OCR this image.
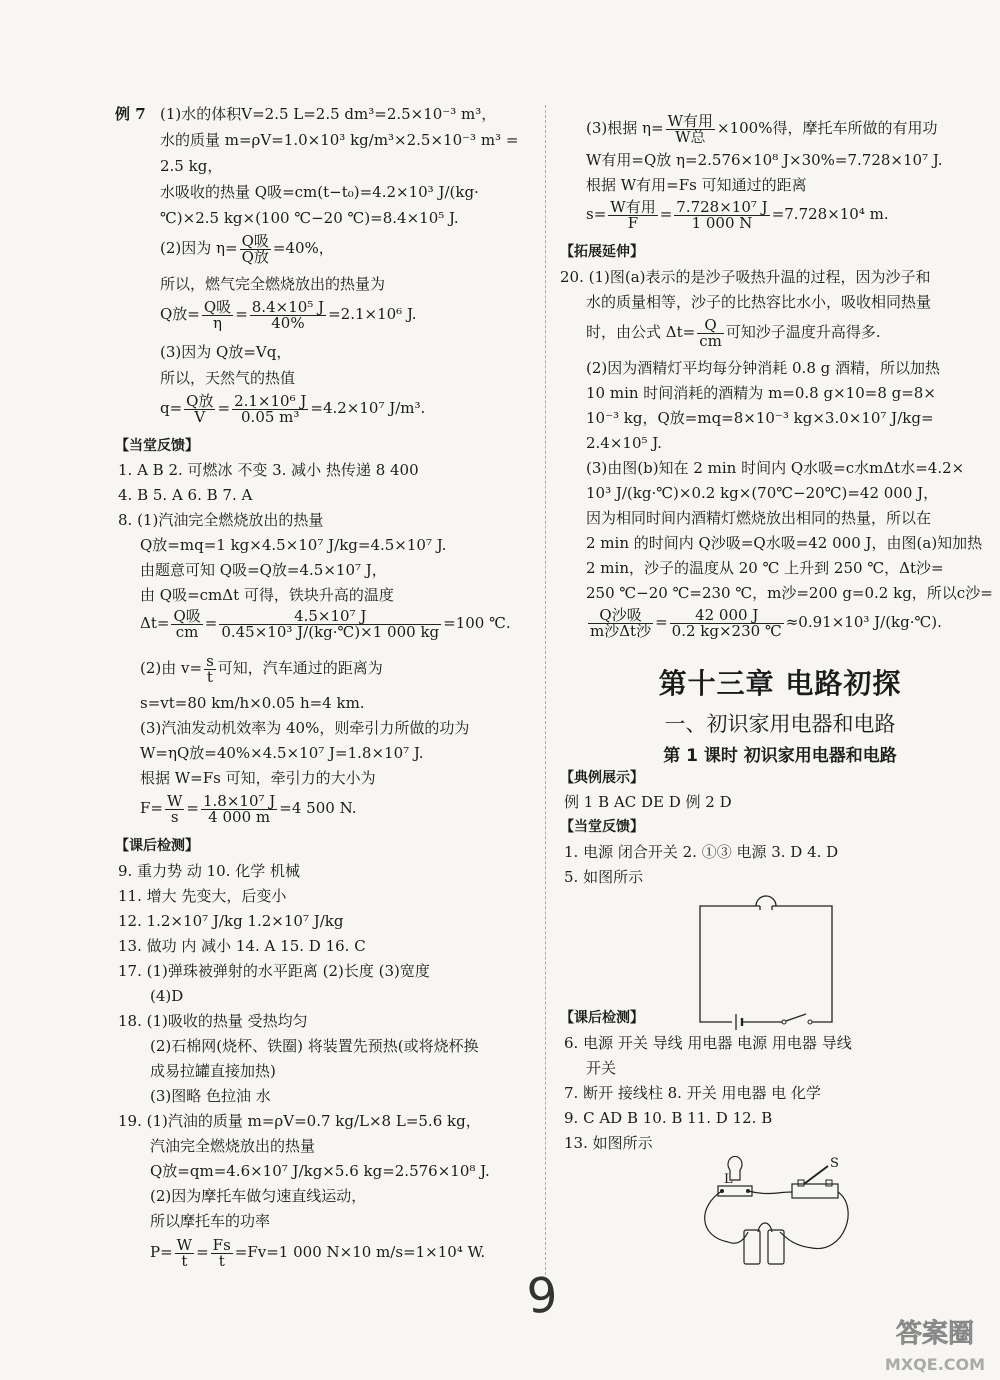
例 7 (1)水的体积V=2.5 L=2.5 dm³=2.5×10⁻³ m³，
水的质量 m=ρV=1.0×10³ kg/m³×2.5×10⁻³ m³ =
2.5 kg，
水吸收的热量 Q吸=cm(t−t₀)=4.2×10³ J/(kg·
℃)×2.5 kg×(100 ℃−20 ℃)=8.4×10⁵ J.
(2)因为 $\eta= \frac{\text{Q吸}}{\text{Q放}} =40\%$，
所以，燃气完全燃烧放出的热量为
Q放= $\frac{\text{Q吸}}{\eta} = \frac{\text{8.4×10⁵ J}}{40\%} =2.1\times 10^6$ J.
(3)因为 Q放=Vq，
所以，天然气的热值
$q= \frac{\text{Q放}}{V} = \frac{\text{2.1×10⁶ J}}{\text{0.05 m³}} =4.2\times 10^7$ J/m³.
【当堂反馈】
1. A B 2. 可燃冰 不变 3. 减小 热传递 8 400
4. B 5. A 6. B 7. A
8. (1)汽油完全燃烧放出的热量
Q放=mq=1 kg×4.5×10⁷ J/kg=4.5×10⁷ J.
由题意可知 Q吸=Q放=4.5×10⁷ J，
由 Q吸=cmΔt 可得，铁块升高的温度
$\Delta t= \frac{\text{Q吸}}{cm} = \frac{\text{4.5×10⁷ J}}{\text{0.45×10³ J/(kg·℃)×1 000 kg}} =100$ ℃.
(2)由 $v= \frac{s}{t}$ 可知，汽车通过的距离为
s=vt=80 km/h×0.05 h=4 km.
(3)汽油发动机效率为 40%，则牵引力所做的功为
W=ηQ放=40%×4.5×10⁷ J=1.8×10⁷ J.
根据 W=Fs 可知，牵引力的大小为
$F= \frac{W}{s} = \frac{\text{1.8×10⁷ J}}{4 000 m} =4$ 500 N.
【课后检测】
9. 重力势 动 10. 化学 机械
11. 增大 先变大，后变小
12. 1.2×10⁷ J/kg 1.2×10⁷ J/kg
13. 做功 内 减小 14. A 15. D 16. C
17. (1)弹珠被弹射的水平距离 (2)长度 (3)宽度
(4)D
18. (1)吸收的热量 受热均匀
(2)石棉网(烧杯、铁圈) 将装置先预热(或将烧杯换
成易拉罐直接加热)
(3)图略 色拉油 水
19. (1)汽油的质量 m=ρV=0.7 kg/L×8 L=5.6 kg，
汽油完全燃烧放出的热量
Q放=qm=4.6×10⁷ J/kg×5.6 kg=2.576×10⁸ J.
(2)因为摩托车做匀速直线运动，
所以摩托车的功率
$P= \frac{W}{t} = \frac{Fs}{t} =Fv=1$ 000 N×10 m/s=1×10⁴ W.
(3)根据 $\eta= \frac{\text{W有用}}{\text{W总}} \times 100\%$得，摩托车所做的有用功
W有用=Q放 η=2.576×10⁸ J×30%=7.728×10⁷ J.
根据 W有用=Fs 可知通过的距离
$s= \frac{\text{W有用}}{F} = \frac{\text{7.728×10⁷ J}}{1 000 N} =7.728\times 10^4$ m.
【拓展延伸】
20. (1)图(a)表示的是沙子吸热升温的过程，因为沙子和
水的质量相等，沙子的比热容比水小，吸收相同热量
时，由公式 $\Delta t= \frac{Q}{cm}$ 可知沙子温度升高得多.
(2)因为酒精灯平均每分钟消耗 0.8 g 酒精，所以加热
10 min 时间消耗的酒精为 m=0.8 g×10=8 g=8×
10⁻³ kg，Q放=mq=8×10⁻³ kg×3.0×10⁷ J/kg=
2.4×10⁵ J.
(3)由图(b)知在 2 min 时间内 Q水吸=c水mΔt水=4.2×
10³ J/(kg·℃)×0.2 kg×(70℃−20℃)=42 000 J，
因为相同时间内酒精灯燃烧放出相同的热量，所以在
2 min 的时间内 Q沙吸=Q水吸=42 000 J，由图(a)知加热
2 min，沙子的温度从 20 ℃ 上升到 250 ℃，Δt沙=
250 ℃−20 ℃=230 ℃，m沙=200 g=0.2 kg，所以c沙=
$\frac{\text{Q沙吸}}{\text{m沙Δt沙}} = \frac{42 000 J}{0.2 kg\times 230 ℃} \approx 0.91\times 10^3$ J/(kg·℃).
第十三章 电路初探
一、初识家用电器和电路
第 1 课时 初识家用电器和电路
【典例展示】
例 1 B AC DE D 例 2 D
【当堂反馈】
1. 电源 闭合开关 2. ①③ 电源 3. D 4. D
5. 如图所示
【课后检测】
6. 电源 开关 导线 用电器 电源 用电器 导线
开关
7. 断开 接线柱 8. 开关 用电器 电 化学
9. C AD B 10. B 11. D 12. B
13. 如图所示
L
S
9
答案圈
MXQE.COM
